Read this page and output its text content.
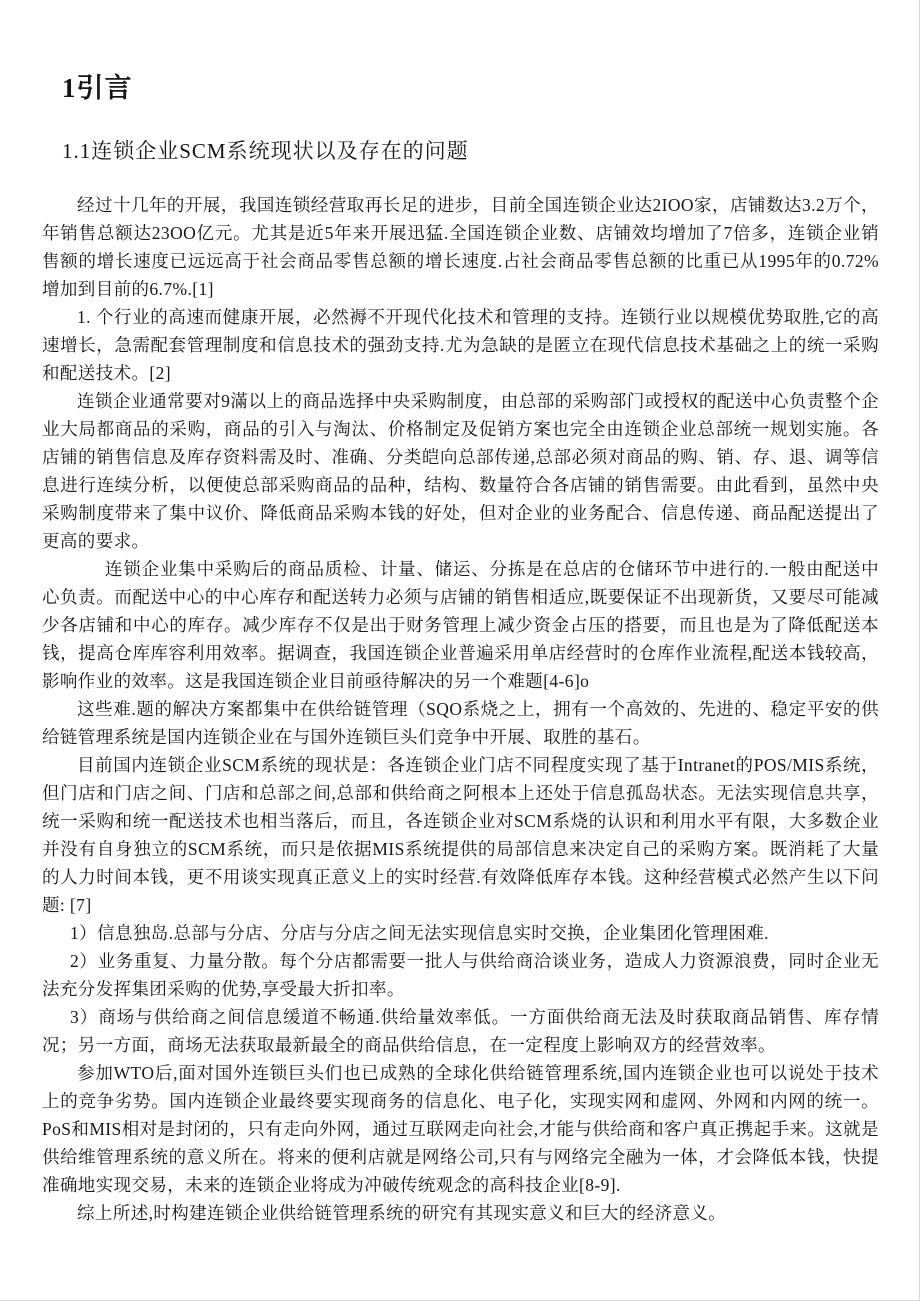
1引言
1.1连锁企业SCM系统现状以及存在的问题

经过十几年的开展，我国连锁经营取再长足的进步，目前全国连锁企业达2IOO家，店铺数达3.2万个，年销售总额达23OO亿元。尤其是近5年来开展迅猛.全国连锁企业数、店铺效均增加了7倍多，连锁企业销售额的增长速度已远远高于社会商品零售总额的增长速度.占社会商品零售总额的比重已从1995年的0.72%增加到目前的6.7%.[1]

1. 个行业的高速而健康开展，必然褥不开现代化技术和管理的支持。连锁行业以规模优势取胜,它的高速增长，急需配套管理制度和信息技术的强劲支持.尤为急缺的是匿立在现代信息技术基础之上的统一采购和配送技术。[2]

连锁企业通常要对9滿以上的商品选择中央采购制度，由总部的采购部门或授权的配送中心负责整个企业大局都商品的采购，商品的引入与淘汰、价格制定及促销方案也完全由连锁企业总部统一规划实施。各店铺的销售信息及库存资料需及时、准确、分类皑向总部传递,总部必须对商品的购、销、存、退、调等信息进行连续分析，以便使总部采购商品的品种，结构、数量符合各店铺的销售需要。由此看到，虽然中央采购制度带来了集中议价、降低商品采购本钱的好处，但对企业的业务配合、信息传递、商品配送提出了更高的要求。

连锁企业集中采购后的商品质检、计量、储运、分拣是在总店的仓储环节中进行的.一般由配送中心负责。而配送中心的中心库存和配送转力必须与店铺的销售相适应,既要保证不出现新货，又要尽可能减少各店铺和中心的库存。减少库存不仅是出于财务管理上减少资金占压的搭要，而且也是为了降低配送本钱，提高仓库库容利用效率。据调查，我国连锁企业普遍采用单店经营时的仓库作业流程,配送本钱较高，影响作业的效率。这是我国连锁企业目前亟待解决的另一个难题[4-6]o

这些难.题的解决方案都集中在供给链管理（SQO系烧之上，拥有一个高效的、先进的、稳定平安的供给链管理系统是国内连锁企业在与国外连锁巨头们竞争中开展、取胜的基石。

目前国内连锁企业SCM系统的现状是：各连锁企业门店不同程度实现了基于Intranet的POS/MIS系统，但门店和门店之间、门店和总部之间,总部和供给商之阿根本上还处于信息孤岛状态。无法实现信息共享，统一采购和统一配送技术也相当落后，而且，各连锁企业对SCM系烧的认识和利用水平有限，大多数企业并没有自身独立的SCM系统，而只是依据MIS系统提供的局部信息来决定自己的采购方案。既消耗了大量的人力时间本钱，更不用谈实现真正意义上的实时经营.有效降低库存本钱。这种经营模式必然产生以下问题: [7]

1）信息独岛.总部与分店、分店与分店之间无法实现信息实时交换，企业集团化管理困难.

2）业务重复、力量分散。每个分店都需要一批人与供给商洽谈业务，造成人力资源浪费，同时企业无法充分发挥集团采购的优势,享受最大折扣率。

3）商场与供给商之间信息缓道不畅通.供给量效率低。一方面供给商无法及时获取商品销售、库存情况；另一方面，商场无法获取最新最全的商品供给信息，在一定程度上影响双方的经营效率。

参加WTO后,面对国外连锁巨头们也已成熟的全球化供给链管理系统,国内连锁企业也可以说处于技术上的竞争劣势。国内连锁企业最终要实现商务的信息化、电子化，实现实网和虚网、外网和内网的统一。PoS和MIS相对是封闭的，只有走向外网，通过互联网走向社会,才能与供给商和客户真正携起手来。这就是供给维管理系统的意义所在。将来的便利店就是网络公司,只有与网络完全融为一体，才会降低本钱，快提准确地实现交易，未来的连锁企业将成为冲破传统观念的高科技企业[8-9].

综上所述,时构建连锁企业供给链管理系统的研究有其现实意义和巨大的经济意义。
